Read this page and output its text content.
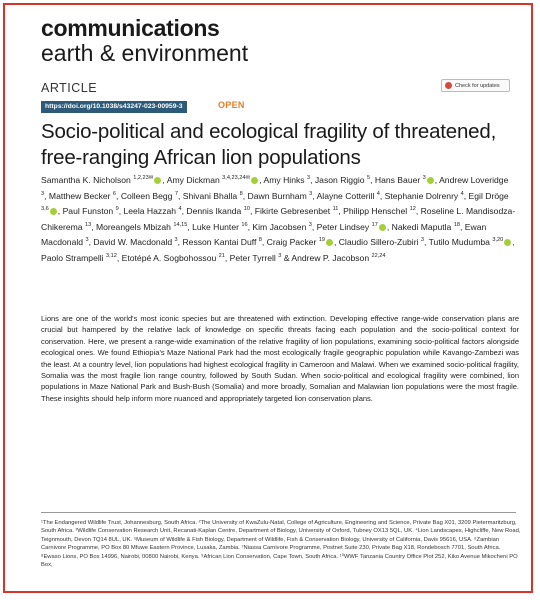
communications
earth & environment
ARTICLE	Check for updates
https://doi.org/10.1038/s43247-023-00959-3	OPEN
Socio-political and ecological fragility of threatened, free-ranging African lion populations
Samantha K. Nicholson $^{1,2,23✉}$ , Amy Dickman $^{3,4,23,24✉}$ , Amy Hinks $^3$, Jason Riggio $^5$, Hans Bauer $^3$ , Andrew Loveridge $^3$, Matthew Becker $^6$, Colleen Begg $^7$, Shivani Bhalla $^8$, Dawn Burnham $^3$, Alayne Cotterill $^4$, Stephanie Dolrenry $^4$, Egil Dröge $^{3,6}$ , Paul Funston $^9$, Leela Hazzah $^4$, Dennis Ikanda $^{10}$, Fikirte Gebresenbet $^{11}$, Philipp Henschel $^{12}$, Roseline L. Mandisodza-Chikerema $^{13}$, Moreangels Mbizah $^{14,15}$, Luke Hunter $^{16}$, Kim Jacobsen $^3$, Peter Lindsey $^{17}$ , Nakedi Maputla $^{18}$, Ewan Macdonald $^3$, David W. Macdonald $^3$, Resson Kantai Duff $^8$, Craig Packer $^{19}$ , Claudio Sillero-Zubiri $^3$, Tutilo Mudumba $^{3,20}$ , Paolo Strampelli $^{3,12}$, Etotépé A. Sogbohossou $^{21}$, Peter Tyrrell $^3$ & Andrew P. Jacobson $^{22,24}$
Lions are one of the world's most iconic species but are threatened with extinction. Developing effective range-wide conservation plans are crucial but hampered by the relative lack of knowledge on specific threats facing each population and the socio-political context for conservation. Here, we present a range-wide examination of the relative fragility of lion populations, examining socio-political factors alongside ecological ones. We found Ethiopia's Maze National Park had the most ecologically fragile geographic population while Kavango-Zambezi was the least. At a country level, lion populations had highest ecological fragility in Cameroon and Malawi. When we examined socio-political fragility, Somalia was the most fragile lion range country, followed by South Sudan. When socio-political and ecological fragility were combined, lion populations in Maze National Park and Bush-Bush (Somalia) and more broadly, Somalian and Malawian lion populations were the most fragile. These insights should help inform more nuanced and appropriately targeted lion conservation plans.
¹The Endangered Wildlife Trust, Johannesburg, South Africa. ²The University of KwaZulu-Natal, College of Agriculture, Engineering and Science, Private Bag X01, 3209 Pietermaritzburg, South Africa. ³Wildlife Conservation Research Unit, Recanati-Kaplan Centre, Department of Biology, University of Oxford, Tubney OX13 5QL, UK. ⁴Lion Landscapes, Highcliffe, New Road, Teignmouth, Devon TQ14 8UL, UK. ⁵Museum of Wildlife & Fish Biology, Department of Wildlife, Fish & Conservation Biology, University of California, Davis 95616, USA. ⁶Zambian Carnivore Programme, PO Box 80 Mfuwe Eastern Province, Lusaka, Zambia. ⁷Niassa Carnivore Programme, Postnet Suite 230, Private Bag X18, Rondebosch 7701, South Africa. ⁸Ewaso Lions, PO Box 14996, Nairobi, 00800 Nairobi, Kenya. ⁹African Lion Conservation, Cape Town, South Africa. ¹⁰WWF Tanzania Country Office Plot 252, Kiko Avenue Mikocheni PO Box,
